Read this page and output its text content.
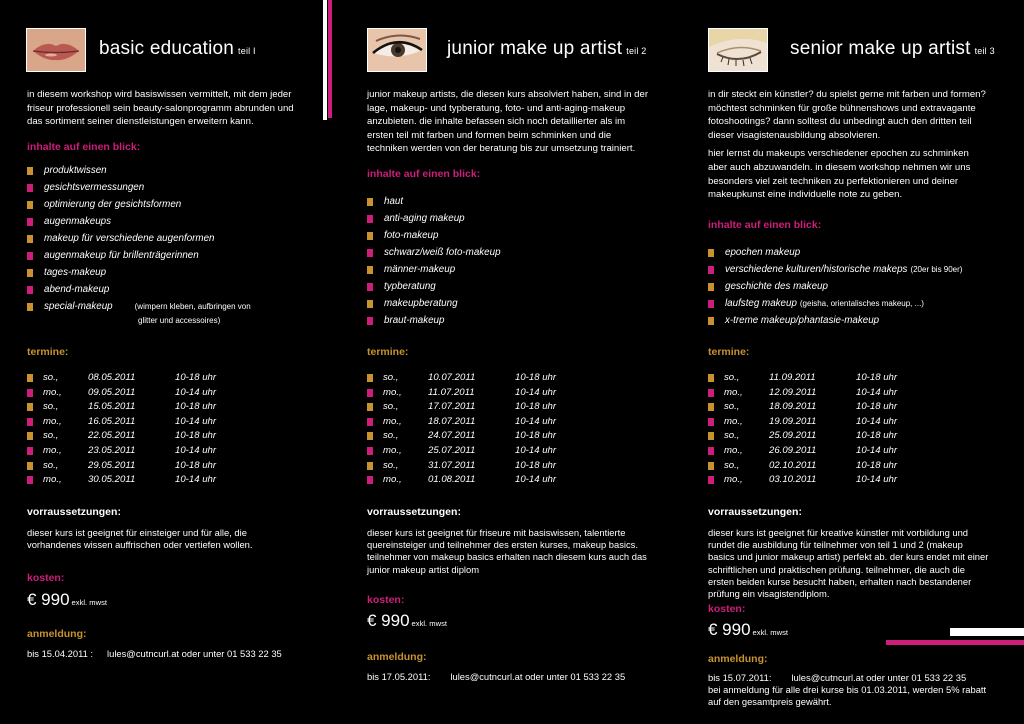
basic education teil I

in diesem workshop wird basiswissen vermittelt, mit dem jeder friseur professionell sein beauty-salonprogramm abrunden und das sortiment seiner dienstleistungen erweitern kann.

inhalte auf einen blick:
produktwissen
gesichtsvermessungen
optimierung der gesichtsformen
augenmakeups
makeup für verschiedene augenformen
augenmakeup für brillenträgerinnen
tages-makeup
abend-makeup
special-makeup	(wimpern kleben, aufbringen von
glitter und accessoires)
termine:
so.,	08.05.2011	10-18 uhr
mo.,	09.05.2011	10-14 uhr
so.,	15.05.2011	10-18 uhr
mo.,	16.05.2011	10-14 uhr
so.,	22.05.2011	10-18 uhr
mo.,	23.05.2011	10-14 uhr
so.,	29.05.2011	10-18 uhr
mo.,	30.05.2011	10-14 uhr
vorraussetzungen:
dieser kurs ist geeignet für einsteiger und für alle, die vorhandenes wissen auffrischen oder vertiefen wollen.
kosten:
€ 990 exkl. mwst
anmeldung:
bis 15.04.2011 : lules@cutncurl.at oder unter 01 533 22 35
junior make up artist teil 2

junior makeup artists, die diesen kurs absolviert haben, sind in der lage, makeup- und typberatung, foto- und anti-aging-makeup anzubieten. die inhalte befassen sich noch detaillierter als im ersten teil mit farben und formen beim schminken und die techniken werden von der beratung bis zur umsetzung trainiert.

inhalte auf einen blick:
haut
anti-aging makeup
foto-makeup
schwarz/weiß foto-makeup
männer-makeup
typberatung
makeupberatung
braut-makeup
termine:
so.,	10.07.2011	10-18 uhr
mo.,	11.07.2011	10-14 uhr
so.,	17.07.2011	10-18 uhr
mo.,	18.07.2011	10-14 uhr
so.,	24.07.2011	10-18 uhr
mo.,	25.07.2011	10-14 uhr
so.,	31.07.2011	10-18 uhr
mo.,	01.08.2011	10-14 uhr
vorraussetzungen:
dieser kurs ist geeignet für friseure mit basiswissen, talentierte quereinsteiger und teilnehmer des ersten kurses, makeup basics. teilnehmer von makeup basics erhalten nach diesem kurs auch das junior makeup artist diplom
kosten:
€ 990 exkl. mwst
anmeldung:
bis 17.05.2011: lules@cutncurl.at oder unter 01 533 22 35
senior make up artist teil 3

in dir steckt ein künstler? du spielst gerne mit farben und formen? möchtest schminken für große bühnenshows und extravagante fotoshootings? dann solltest du unbedingt auch den dritten teil dieser visagistenausbildung absolvieren.

hier lernst du makeups verschiedener epochen zu schminken aber auch abzuwandeln. in diesem workshop nehmen wir uns besonders viel zeit techniken zu perfektionieren und deiner makeupkunst eine individuelle note zu geben.

inhalte auf einen blick:
epochen makeup
verschiedene kulturen/historische makeps (20er bis 90er)
geschichte des makeup
laufsteg makeup (geisha, orientalisches makeup, ...)
x-treme makeup/phantasie-makeup
termine:
so.,	11.09.2011	10-18 uhr
mo.,	12.09.2011	10-14 uhr
so.,	18.09.2011	10-18 uhr
mo.,	19.09.2011	10-14 uhr
so.,	25.09.2011	10-18 uhr
mo.,	26.09.2011	10-14 uhr
so.,	02.10.2011	10-18 uhr
mo.,	03.10.2011	10-14 uhr
vorraussetzungen:
dieser kurs ist geeignet für kreative künstler mit vorbildung und rundet die ausbildung für teilnehmer von teil 1 und 2 (makeup basics und junior makeup artist) perfekt ab. der kurs endet mit einer schriftlichen und praktischen prüfung. teilnehmer, die auch die ersten beiden kurse besucht haben, erhalten nach bestandener prüfung ein visagistendiplom.
kosten:
€ 990 exkl. mwst
anmeldung:
bis 15.07.2011: lules@cutncurl.at oder unter 01 533 22 35
bei anmeldung für alle drei kurse bis 01.03.2011, werden 5% rabatt auf den gesamtpreis gewährt.
